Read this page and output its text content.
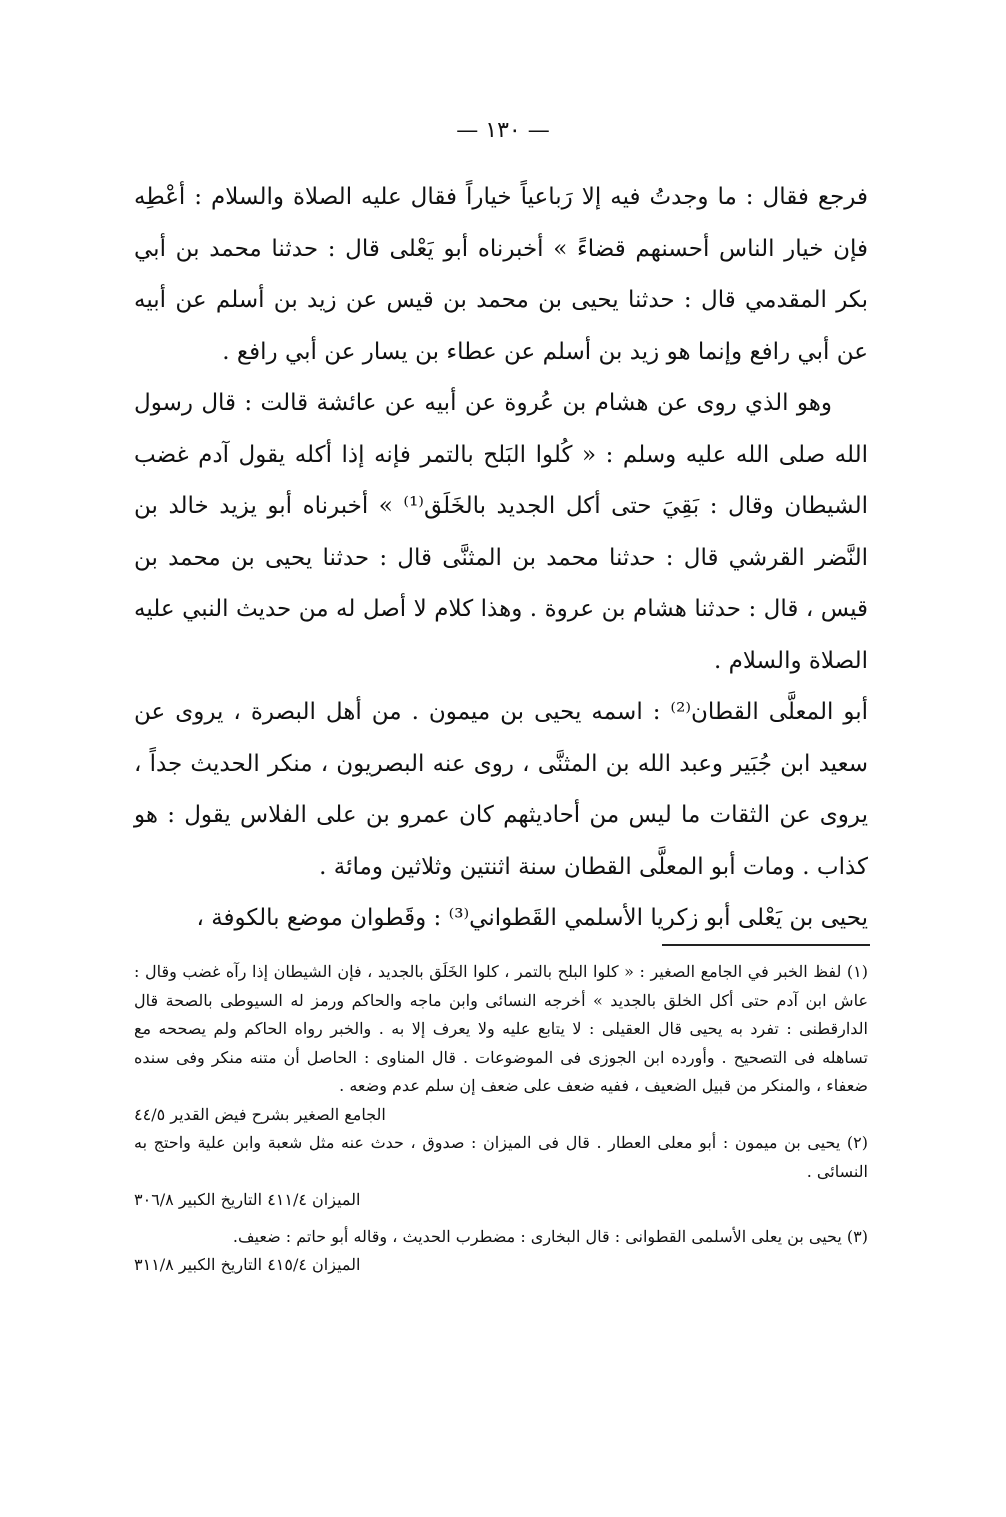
— ١٣٠ —

فرجع فقال : ما وجدتُ فيه إلا رَباعياً خياراً فقال عليه الصلاة والسلام : أعْطِه فإن خيار الناس أحسنهم قضاءً » أخبرناه أبو يَعْلى قال : حدثنا محمد بن أبي بكر المقدمي قال : حدثنا يحيى بن محمد بن قيس عن زيد بن أسلم عن أبيه عن أبي رافع وإنما هو زيد بن أسلم عن عطاء بن يسار عن أبي رافع .

وهو الذي روى عن هشام بن عُروة عن أبيه عن عائشة قالت : قال رسول الله صلى الله عليه وسلم : « كُلوا البَلح بالتمر فإنه إذا أكله يقول آدم غضب الشيطان وقال : بَقِيَ حتى أكل الجديد بالخَلَق⁽¹⁾ » أخبرناه أبو يزيد خالد بن النَّضر القرشي قال : حدثنا محمد بن المثنَّى قال : حدثنا يحيى بن محمد بن قيس ، قال : حدثنا هشام بن عروة . وهذا كلام لا أصل له من حديث النبي عليه الصلاة والسلام .

أبو المعلَّى القطان⁽²⁾ : اسمه يحيى بن ميمون . من أهل البصرة ، يروى عن سعيد ابن جُبَير وعبد الله بن المثنَّى ، روى عنه البصريون ، منكر الحديث جداً ، يروى عن الثقات ما ليس من أحاديثهم كان عمرو بن على الفلاس يقول : هو كذاب . ومات أبو المعلَّى القطان سنة اثنتين وثلاثين ومائة .

يحيى بن يَعْلى أبو زكريا الأسلمي القَطواني⁽³⁾ : وقَطوان موضع بالكوفة ،

(١) لفظ الخبر في الجامع الصغير : « كلوا البلح بالتمر ، كلوا الخَلَق بالجديد ، فإن الشيطان إذا رآه غضب وقال : عاش ابن آدم حتى أكل الخلق بالجديد » أخرجه النسائى وابن ماجه والحاكم ورمز له السيوطى بالصحة قال الدارقطنى : تفرد به يحيى قال العقيلى : لا يتابع عليه ولا يعرف إلا به . والخبر رواه الحاكم ولم يصححه مع تساهله فى التصحيح . وأورده ابن الجوزى فى الموضوعات . قال المناوى : الحاصل أن متنه منكر وفى سنده ضعفاء ، والمنكر من قبيل الضعيف ، ففيه ضعف على ضعف إن سلم عدم وضعه .

الجامع الصغير بشرح فيض القدير ٤٤/٥

(٢) يحيى بن ميمون : أبو معلى العطار . قال فى الميزان : صدوق ، حدث عنه مثل شعبة وابن علية واحتج به النسائى .

الميزان ٤١١/٤ التاريخ الكبير ٣٠٦/٨

(٣) يحيى بن يعلى الأسلمى القطوانى : قال البخارى : مضطرب الحديث ، وقاله أبو حاتم : ضعيف.

الميزان ٤١٥/٤ التاريخ الكبير ٣١١/٨
